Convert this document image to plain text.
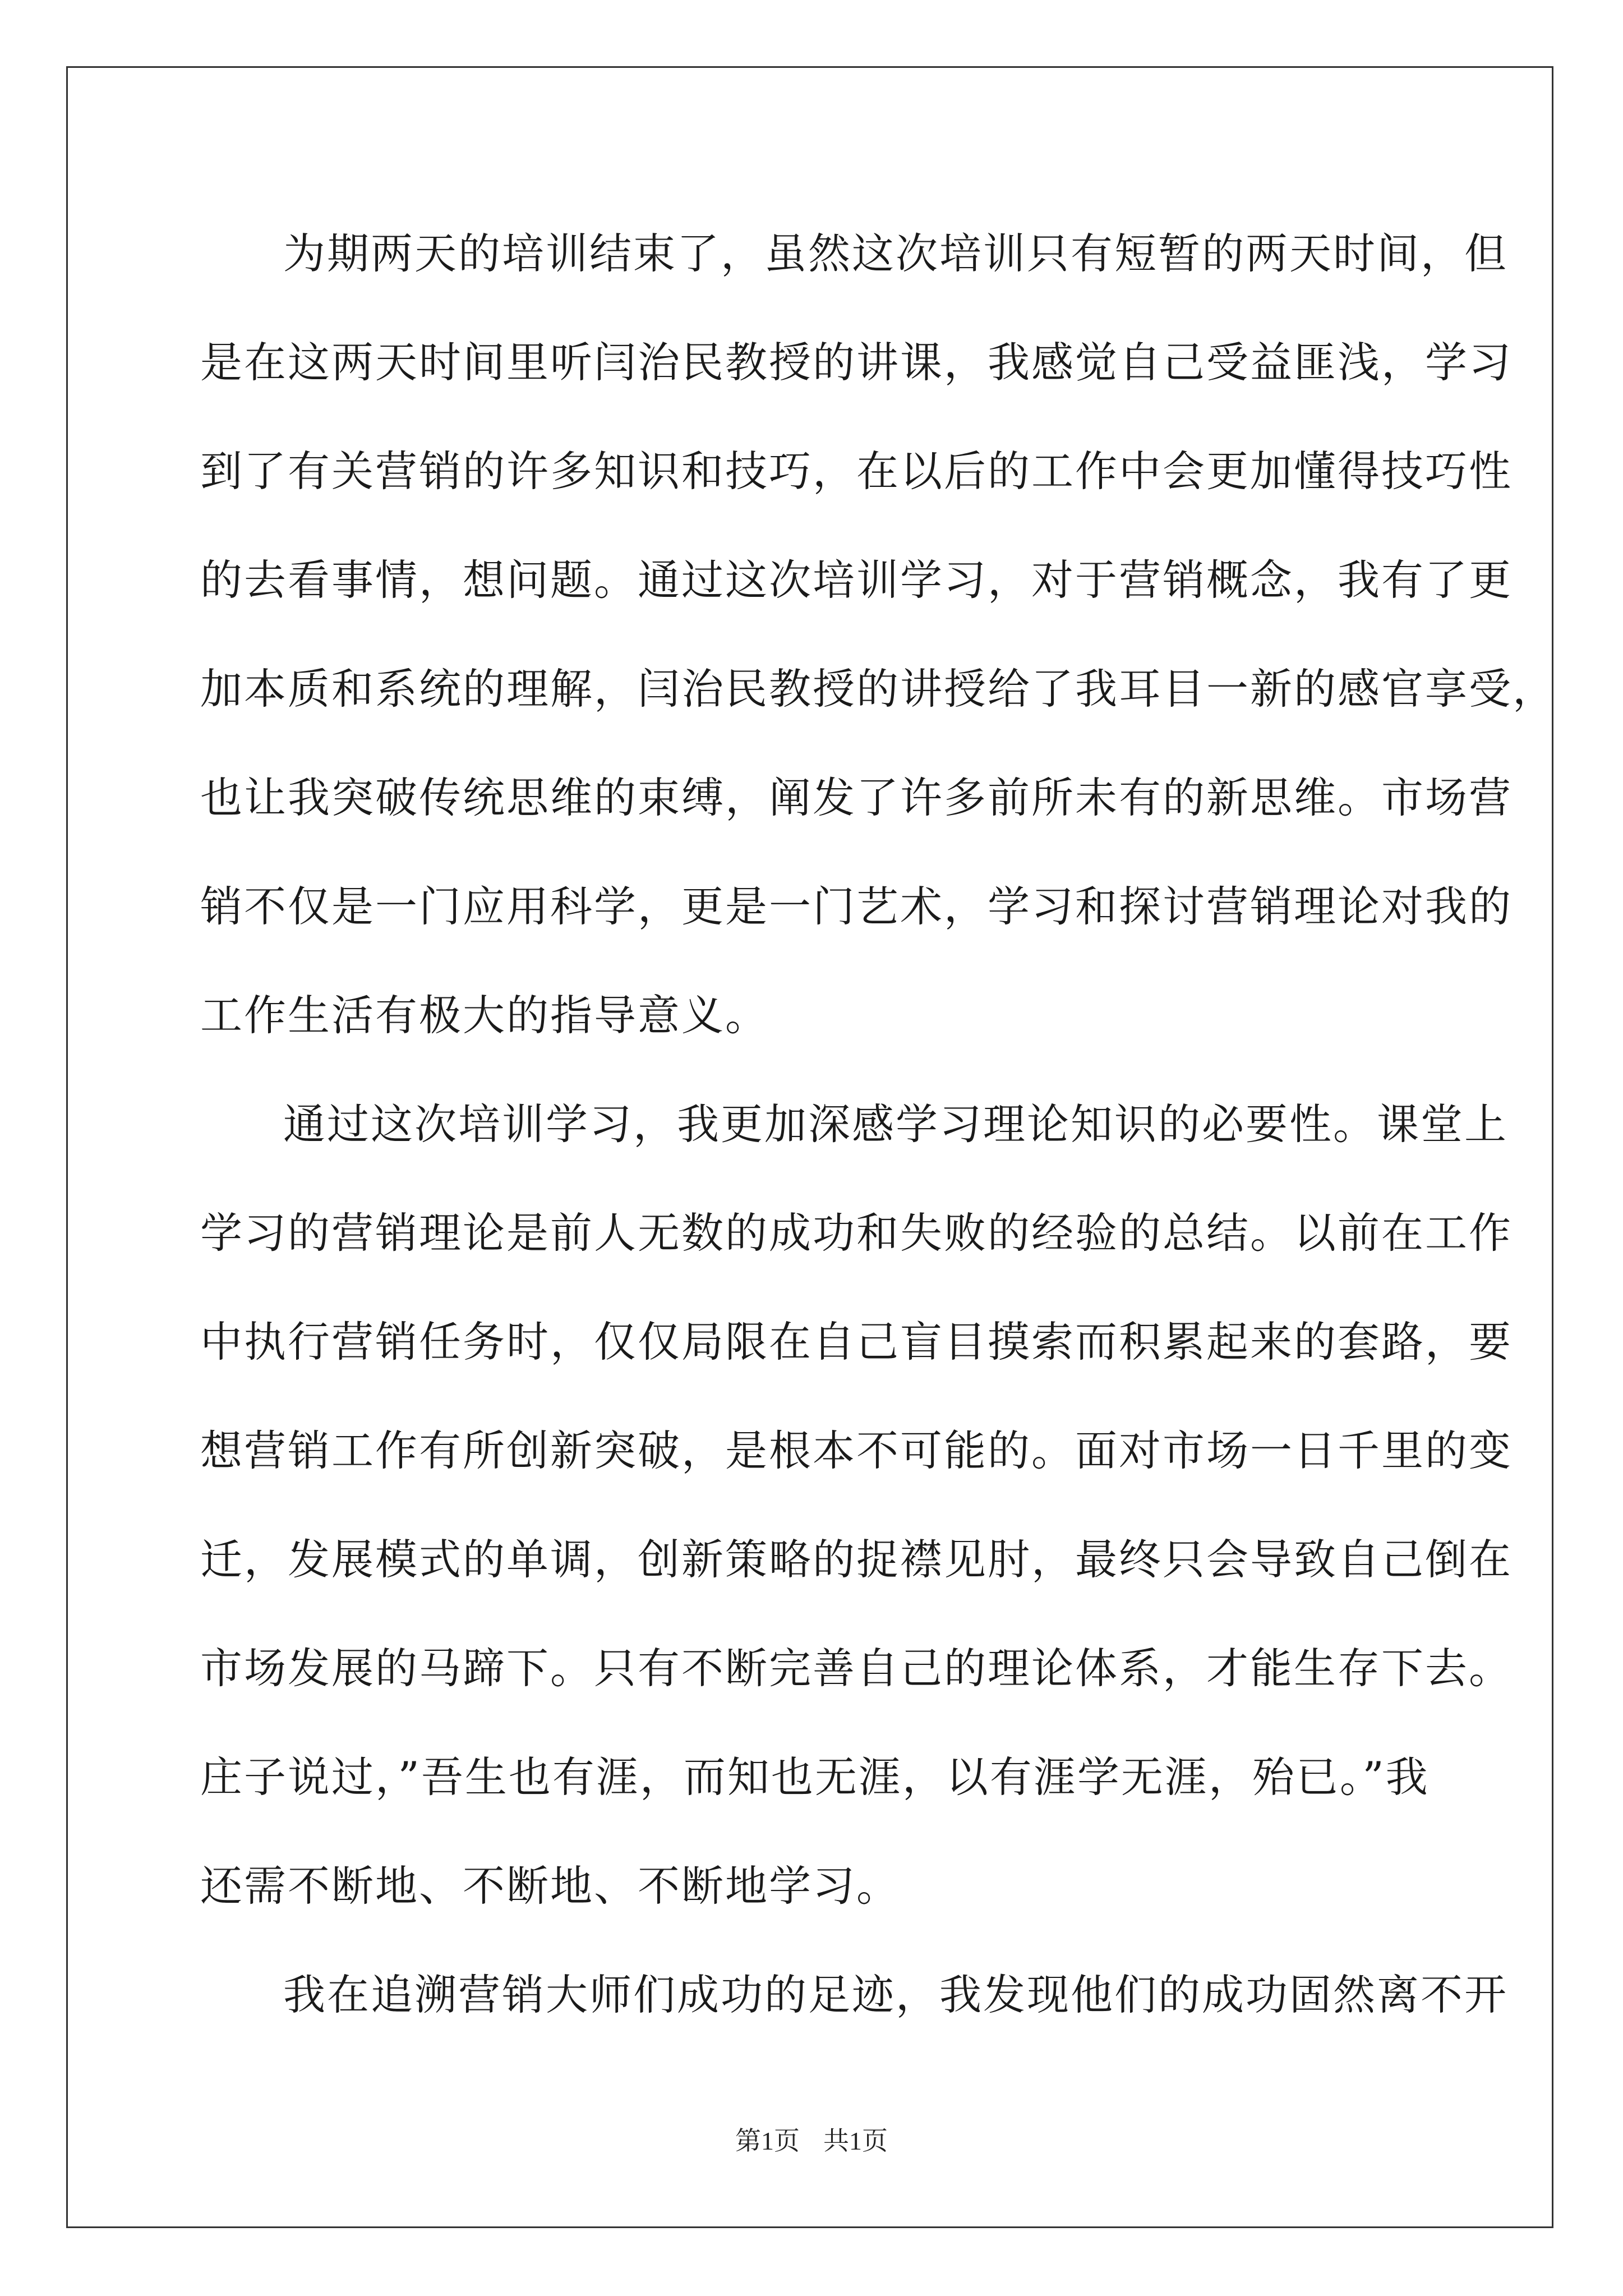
为期两天的培训结束了，虽然这次培训只有短暂的两天时间，但
是在这两天时间里听闫治民教授的讲课，我感觉自己受益匪浅，学习
到了有关营销的许多知识和技巧，在以后的工作中会更加懂得技巧性
的去看事情，想问题。通过这次培训学习，对于营销概念，我有了更
加本质和系统的理解，闫治民教授的讲授给了我耳目一新的感官享受，
也让我突破传统思维的束缚，阐发了许多前所未有的新思维。市场营
销不仅是一门应用科学，更是一门艺术，学习和探讨营销理论对我的
工作生活有极大的指导意义。
通过这次培训学习，我更加深感学习理论知识的必要性。课堂上
学习的营销理论是前人无数的成功和失败的经验的总结。以前在工作
中执行营销任务时，仅仅局限在自己盲目摸索而积累起来的套路，要
想营销工作有所创新突破，是根本不可能的。面对市场一日千里的变
迁，发展模式的单调，创新策略的捉襟见肘，最终只会导致自己倒在
市场发展的马蹄下。只有不断完善自己的理论体系，才能生存下去。
庄子说过，”吾生也有涯，而知也无涯，以有涯学无涯，殆已。”我
还需不断地、不断地、不断地学习。
我在追溯营销大师们成功的足迹，我发现他们的成功固然离不开
第1页 共1页
